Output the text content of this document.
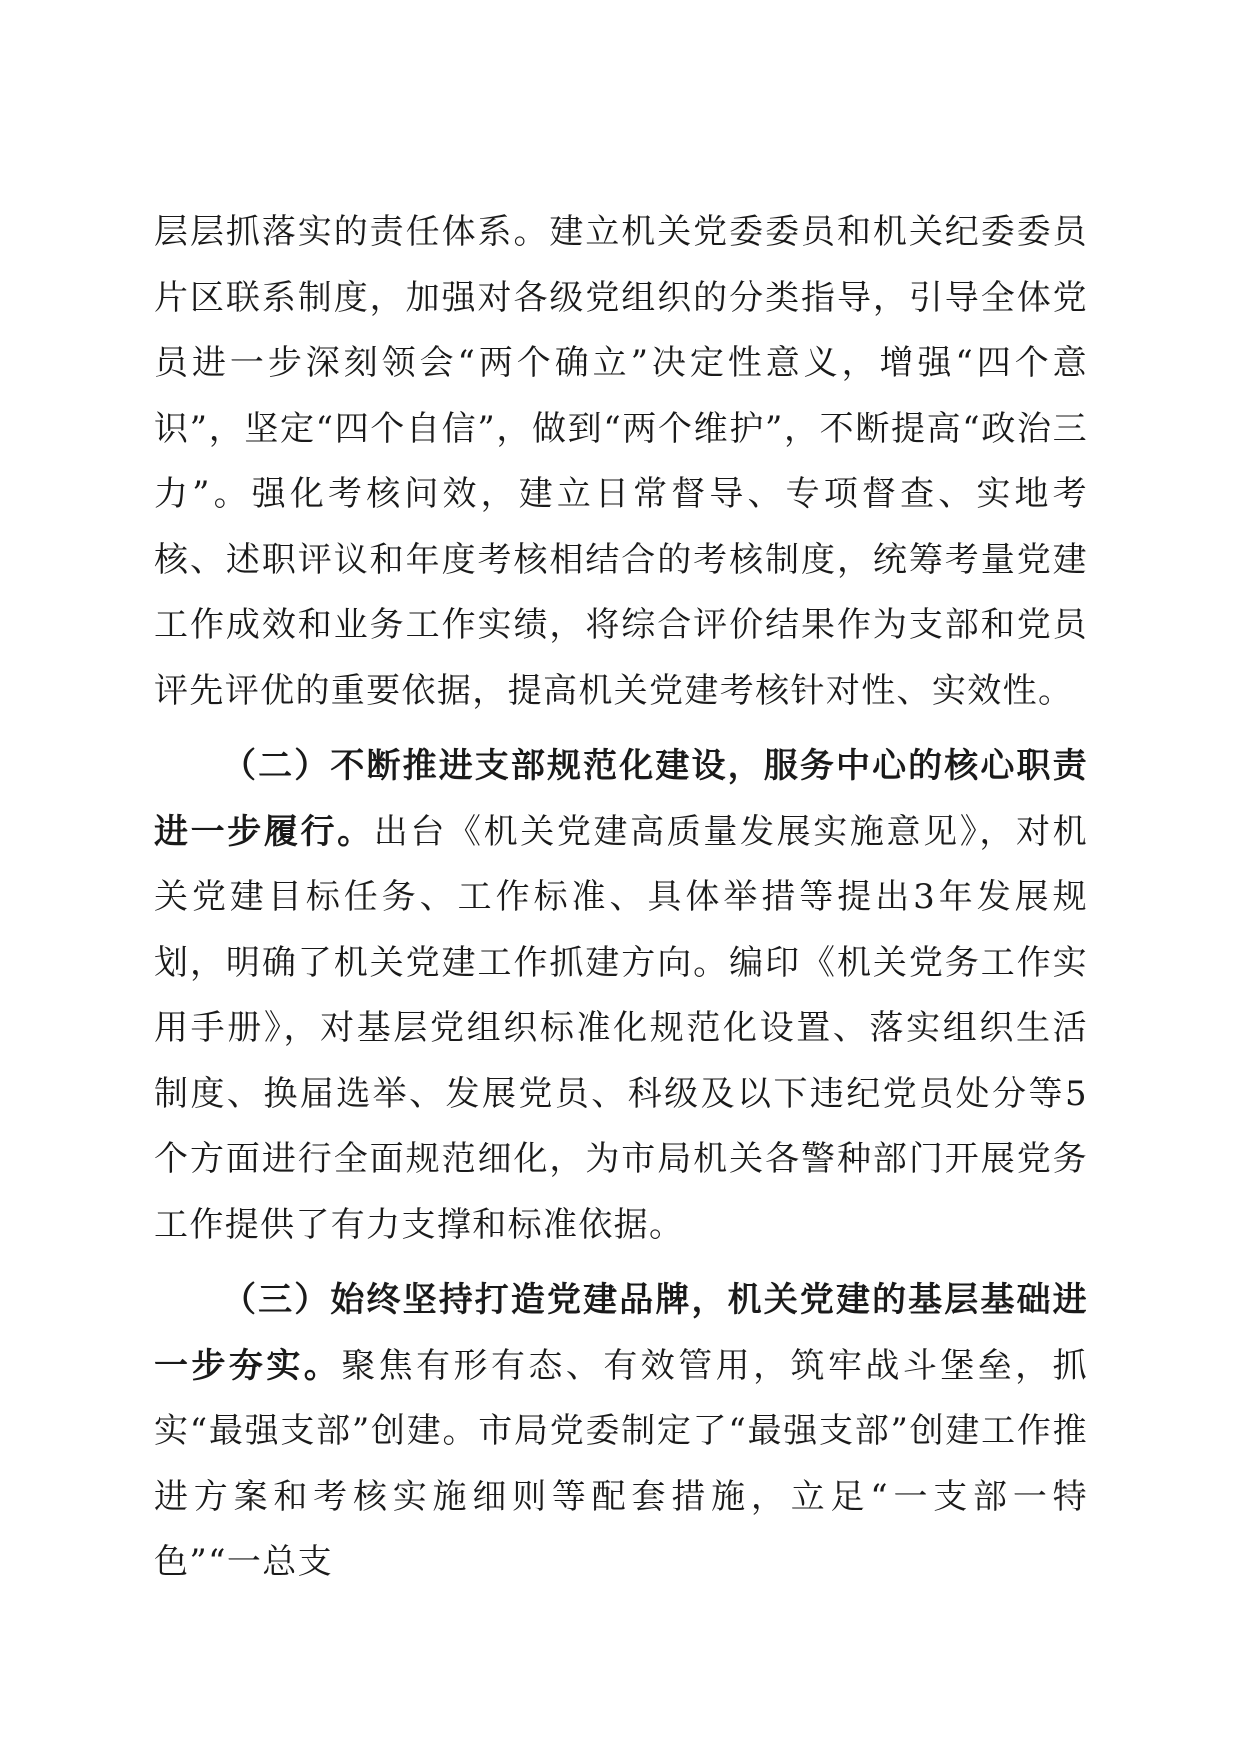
层层抓落实的责任体系。建立机关党委委员和机关纪委委员片区联系制度，加强对各级党组织的分类指导，引导全体党员进一步深刻领会“两个确立”决定性意义，增强“四个意识”，坚定“四个自信”，做到“两个维护”，不断提高“政治三力”。强化考核问效，建立日常督导、专项督查、实地考核、述职评议和年度考核相结合的考核制度，统筹考量党建工作成效和业务工作实绩，将综合评价结果作为支部和党员评先评优的重要依据，提高机关党建考核针对性、实效性。

（二）不断推进支部规范化建设，服务中心的核心职责进一步履行。出台《机关党建高质量发展实施意见》，对机关党建目标任务、工作标准、具体举措等提出3年发展规划，明确了机关党建工作抓建方向。编印《机关党务工作实用手册》，对基层党组织标准化规范化设置、落实组织生活制度、换届选举、发展党员、科级及以下违纪党员处分等5个方面进行全面规范细化，为市局机关各警种部门开展党务工作提供了有力支撑和标准依据。

（三）始终坚持打造党建品牌，机关党建的基层基础进一步夯实。聚焦有形有态、有效管用，筑牢战斗堡垒，抓实“最强支部”创建。市局党委制定了“最强支部”创建工作推进方案和考核实施细则等配套措施，立足“一支部一特色”“一总支
